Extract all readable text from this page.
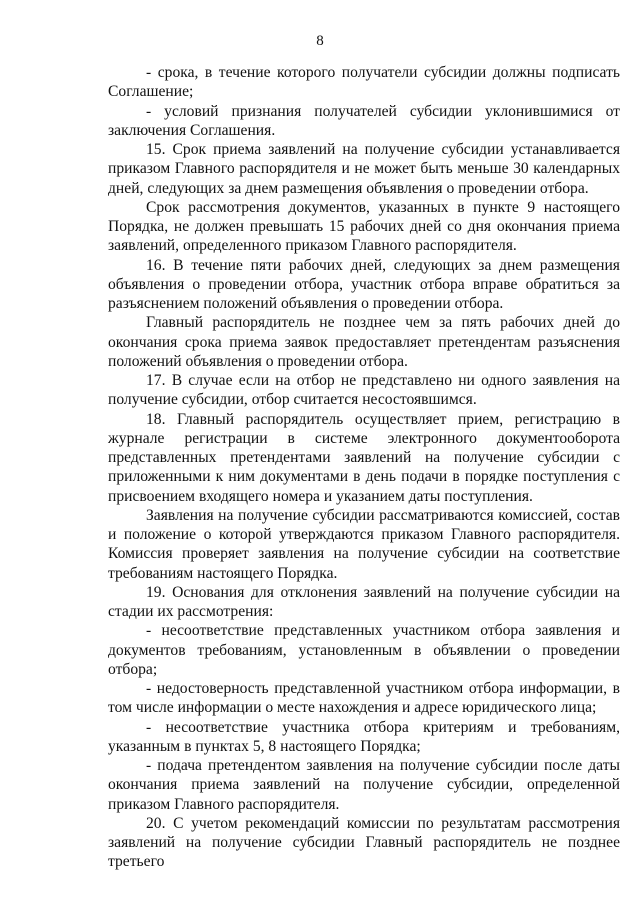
8

- срока, в течение которого получатели субсидии должны подписать Соглашение;

- условий признания получателей субсидии уклонившимися от заключения Соглашения.

15. Срок приема заявлений на получение субсидии устанавливается приказом Главного распорядителя и не может быть меньше 30 календарных дней, следующих за днем размещения объявления о проведении отбора.

Срок рассмотрения документов, указанных в пункте 9 настоящего Порядка, не должен превышать 15 рабочих дней со дня окончания приема заявлений, определенного приказом Главного распорядителя.

16. В течение пяти рабочих дней, следующих за днем размещения объявления о проведении отбора, участник отбора вправе обратиться за разъяснением положений объявления о проведении отбора.

Главный распорядитель не позднее чем за пять рабочих дней до окончания срока приема заявок предоставляет претендентам разъяснения положений объявления о проведении отбора.

17. В случае если на отбор не представлено ни одного заявления на получение субсидии, отбор считается несостоявшимся.

18. Главный распорядитель осуществляет прием, регистрацию в журнале регистрации в системе электронного документооборота представленных претендентами заявлений на получение субсидии с приложенными к ним документами в день подачи в порядке поступления с присвоением входящего номера и указанием даты поступления.

Заявления на получение субсидии рассматриваются комиссией, состав и положение о которой утверждаются приказом Главного распорядителя. Комиссия проверяет заявления на получение субсидии на соответствие требованиям настоящего Порядка.

19. Основания для отклонения заявлений на получение субсидии на стадии их рассмотрения:

- несоответствие представленных участником отбора заявления и документов требованиям, установленным в объявлении о проведении отбора;

- недостоверность представленной участником отбора информации, в том числе информации о месте нахождения и адресе юридического лица;

- несоответствие участника отбора критериям и требованиям, указанным в пунктах 5, 8 настоящего Порядка;

- подача претендентом заявления на получение субсидии после даты окончания приема заявлений на получение субсидии, определенной приказом Главного распорядителя.

20. С учетом рекомендаций комиссии по результатам рассмотрения заявлений на получение субсидии Главный распорядитель не позднее третьего
